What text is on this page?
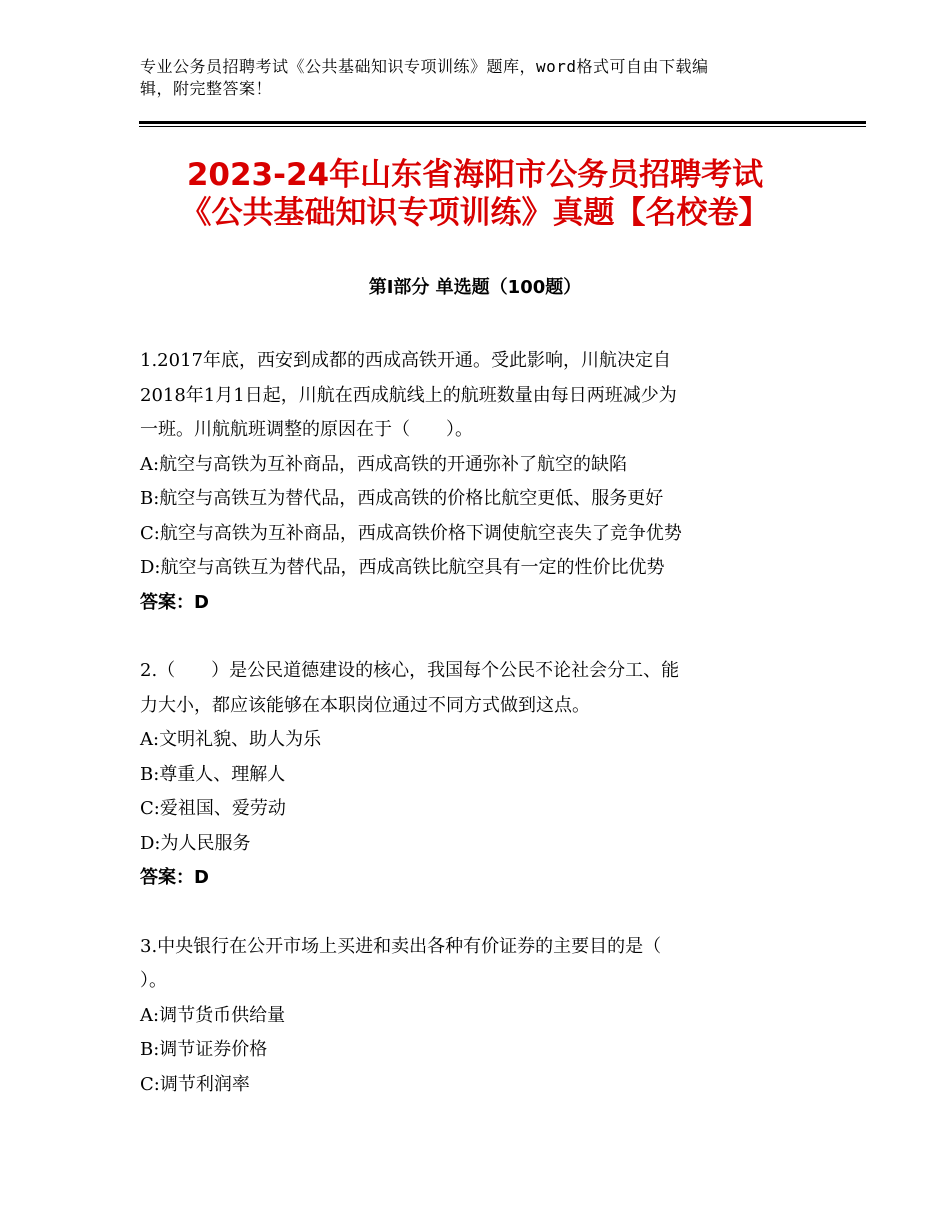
专业公务员招聘考试《公共基础知识专项训练》题库，word格式可自由下载编
辑，附完整答案！
2023-24年山东省海阳市公务员招聘考试
《公共基础知识专项训练》真题【名校卷】
第Ⅰ部分 单选题（100题）
1.2017年底，西安到成都的西成高铁开通。受此影响，川航决定自
2018年1月1日起，川航在西成航线上的航班数量由每日两班减少为
一班。川航航班调整的原因在于（　　）。
A:航空与高铁为互补商品，西成高铁的开通弥补了航空的缺陷
B:航空与高铁互为替代品，西成高铁的价格比航空更低、服务更好
C:航空与高铁为互补商品，西成高铁价格下调使航空丧失了竞争优势
D:航空与高铁互为替代品，西成高铁比航空具有一定的性价比优势
答案：D
2.（　　）是公民道德建设的核心，我国每个公民不论社会分工、能
力大小，都应该能够在本职岗位通过不同方式做到这点。
A:文明礼貌、助人为乐
B:尊重人、理解人
C:爱祖国、爱劳动
D:为人民服务
答案：D
3.中央银行在公开市场上买进和卖出各种有价证券的主要目的是（
）。
A:调节货币供给量
B:调节证券价格
C:调节利润率
